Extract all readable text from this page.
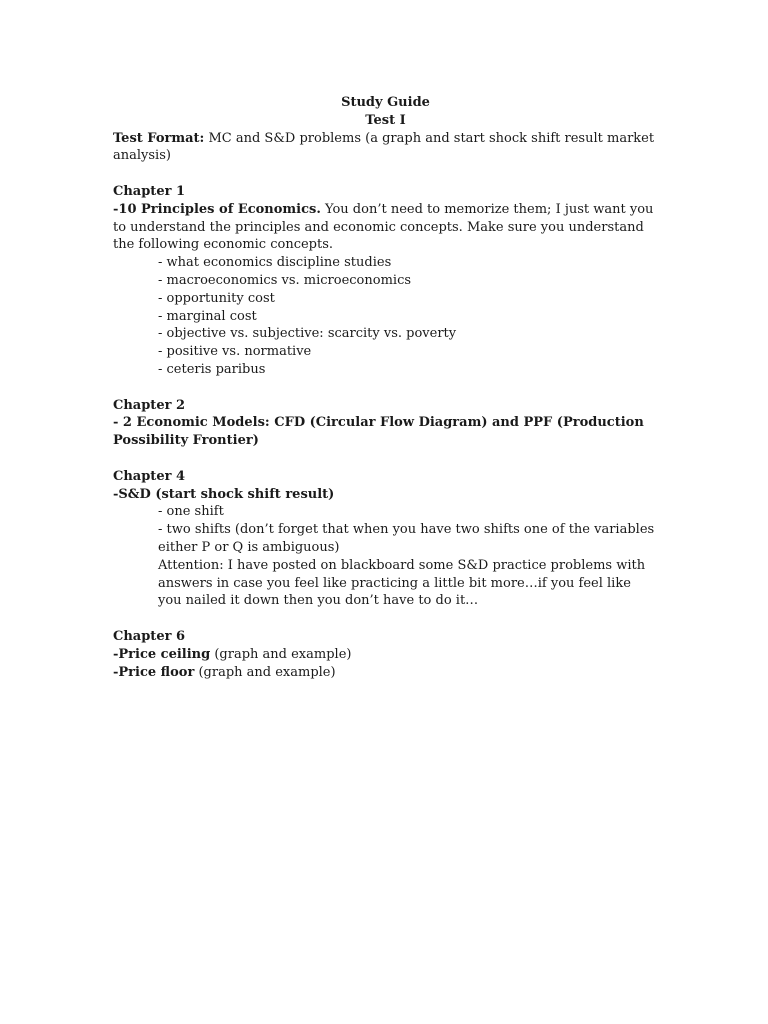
Study Guide

Test I

Test Format: MC and S&D problems (a graph and start shock shift result market analysis)

Chapter 1

-10 Principles of Economics. You don’t need to memorize them; I just want you to understand the principles and economic concepts. Make sure you understand the following economic concepts.

- what economics discipline studies
- macroeconomics vs. microeconomics
- opportunity cost
- marginal cost
- objective vs. subjective: scarcity vs. poverty
- positive vs. normative
- ceteris paribus

Chapter 2

- 2 Economic Models: CFD (Circular Flow Diagram) and PPF (Production Possibility Frontier)

Chapter 4

-S&D (start shock shift result)

- one shift
- two shifts (don’t forget that when you have two shifts one of the variables either P or Q is ambiguous)
Attention: I have posted on blackboard some S&D practice problems with answers in case you feel like practicing a little bit more…if you feel like you nailed it down then you don’t have to do it…

Chapter 6

-Price ceiling (graph and example)

-Price floor (graph and example)
